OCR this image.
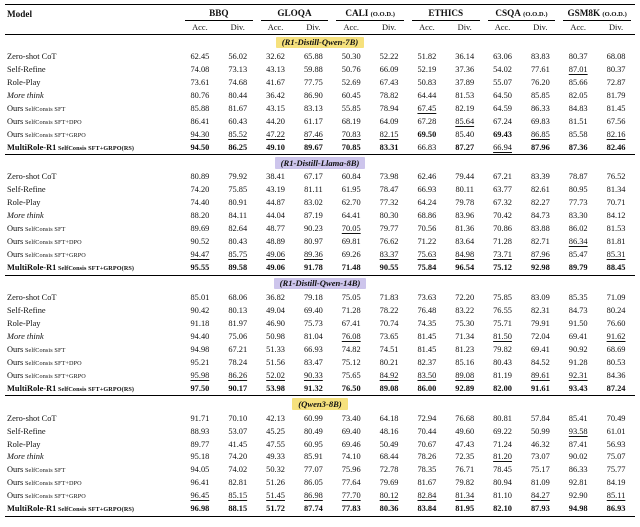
Model	BBQ		GLOQA		CALI (O.O.D.)		ETHICS		CSQA (O.O.D.)		GSM8K (O.O.D.)	

	Acc.	Div.	Acc.	Div.	Acc.	Div.	Acc.	Div.	Acc.	Div.	Acc.	Div.
(R1-Distill-Qwen-7B)												
Zero-shot CoT	62.45	56.02	32.62	65.88	50.30	52.22	51.82	36.14	63.06	83.83	80.37	68.08
Self-Refine	74.08	73.13	43.13	59.88	50.76	66.09	52.19	37.36	54.02	77.61	87.01	80.37
Role-Play	73.61	74.68	41.67	77.75	52.69	67.43	50.83	37.89	55.07	76.20	85.66	72.87
More think	80.76	80.44	36.42	86.90	60.45	78.82	64.44	81.53	64.50	85.85	82.05	81.79
Ours SelfConsis SFT	85.88	81.67	43.15	83.13	55.85	78.94	67.45	82.19	64.59	86.33	84.83	81.45
Ours SelfConsis SFT+DPO	86.41	60.43	44.20	61.17	68.19	64.09	67.28	85.64	67.24	69.83	81.51	67.56
Ours SelfConsis SFT+GRPO	94.30	85.52	47.22	87.46	70.83	82.15	69.50	85.40	69.43	86.85	85.58	82.16
MultiRole-R1 SelfConsis SFT+GRPO(RS)	94.50	86.25	49.10	89.67	70.85	83.31	66.83	87.27	66.94	87.96	87.36	82.46
(R1-Distill-Llama-8B)												
Zero-shot CoT	80.89	79.92	38.41	67.17	60.84	73.98	62.46	79.44	67.21	83.39	78.87	76.52
Self-Refine	74.20	75.85	43.19	81.11	61.95	78.47	66.93	80.11	63.77	82.61	80.95	81.34
Role-Play	74.40	80.91	44.87	83.02	62.70	77.32	64.24	79.78	67.32	82.27	77.73	70.71
More think	88.20	84.11	44.04	87.19	64.41	80.30	68.86	83.96	70.42	84.73	83.30	84.12
Ours SelfConsis SFT	89.69	82.64	48.77	90.23	70.05	79.77	70.56	81.36	70.86	83.88	86.02	81.53
Ours SelfConsis SFT+DPO	90.52	80.43	48.89	80.97	69.81	76.62	71.22	83.64	71.28	82.71	86.34	81.81
Ours SelfConsis SFT+GRPO	94.47	85.75	49.06	89.36	69.26	83.37	75.63	84.98	73.71	87.96	85.47	85.31
MultiRole-R1 SelfConsis SFT+GRPO(RS)	95.55	89.58	49.06	91.78	71.48	90.55	75.84	96.54	75.12	92.98	89.79	88.45
(R1-Distill-Qwen-14B)												
Zero-shot CoT	85.01	68.06	36.82	79.18	75.05	71.83	73.63	72.20	75.85	83.09	85.35	71.09
Self-Refine	90.42	80.13	49.04	69.40	71.28	78.22	76.48	83.22	76.55	82.31	84.73	80.24
Role-Play	91.18	81.97	46.90	75.73	67.41	70.74	74.35	75.30	75.71	79.91	91.50	76.60
More think	94.40	75.06	50.98	81.04	76.08	73.65	81.45	71.34	81.50	72.04	69.41	91.62
Ours SelfConsis SFT	94.98	67.21	51.33	66.93	74.82	74.51	81.45	81.23	79.82	69.41	90.92	68.69
Ours SelfConsis SFT+DPO	95.21	78.24	51.56	83.47	75.12	80.21	82.37	85.16	80.43	84.52	91.28	80.53
Ours SelfConsis SFT+GRPO	95.98	86.26	52.02	90.33	75.65	84.92	83.50	89.08	81.19	89.61	92.31	84.36
MultiRole-R1 SelfConsis SFT+GRPO(RS)	97.50	90.17	53.98	91.32	76.50	89.08	86.00	92.89	82.00	91.61	93.43	87.24
(Qwen3-8B)												
Zero-shot CoT	91.71	70.10	42.13	60.99	73.40	64.18	72.94	76.68	80.81	57.84	85.41	70.49
Self-Refine	88.93	53.07	45.25	80.49	69.40	48.16	70.44	49.60	69.22	50.99	93.58	61.01
Role-Play	89.77	41.45	47.55	60.95	69.46	50.49	70.67	47.43	71.24	46.32	87.41	56.93
More think	95.18	74.20	49.33	85.91	74.10	68.44	78.26	72.35	81.20	73.07	90.02	75.07
Ours SelfConsis SFT	94.05	74.02	50.32	77.07	75.96	72.78	78.35	76.71	78.45	75.17	86.33	75.77
Ours SelfConsis SFT+DPO	96.41	82.81	51.26	86.05	77.64	79.69	81.67	79.82	80.94	81.09	92.81	84.19
Ours SelfConsis SFT+GRPO	96.45	85.15	51.45	86.98	77.70	80.12	82.84	81.34	81.10	84.27	92.90	85.11
MultiRole-R1 SelfConsis SFT+GRPO(RS)	96.98	88.15	51.72	87.74	77.83	80.36	83.84	81.95	82.10	87.93	94.98	86.93
